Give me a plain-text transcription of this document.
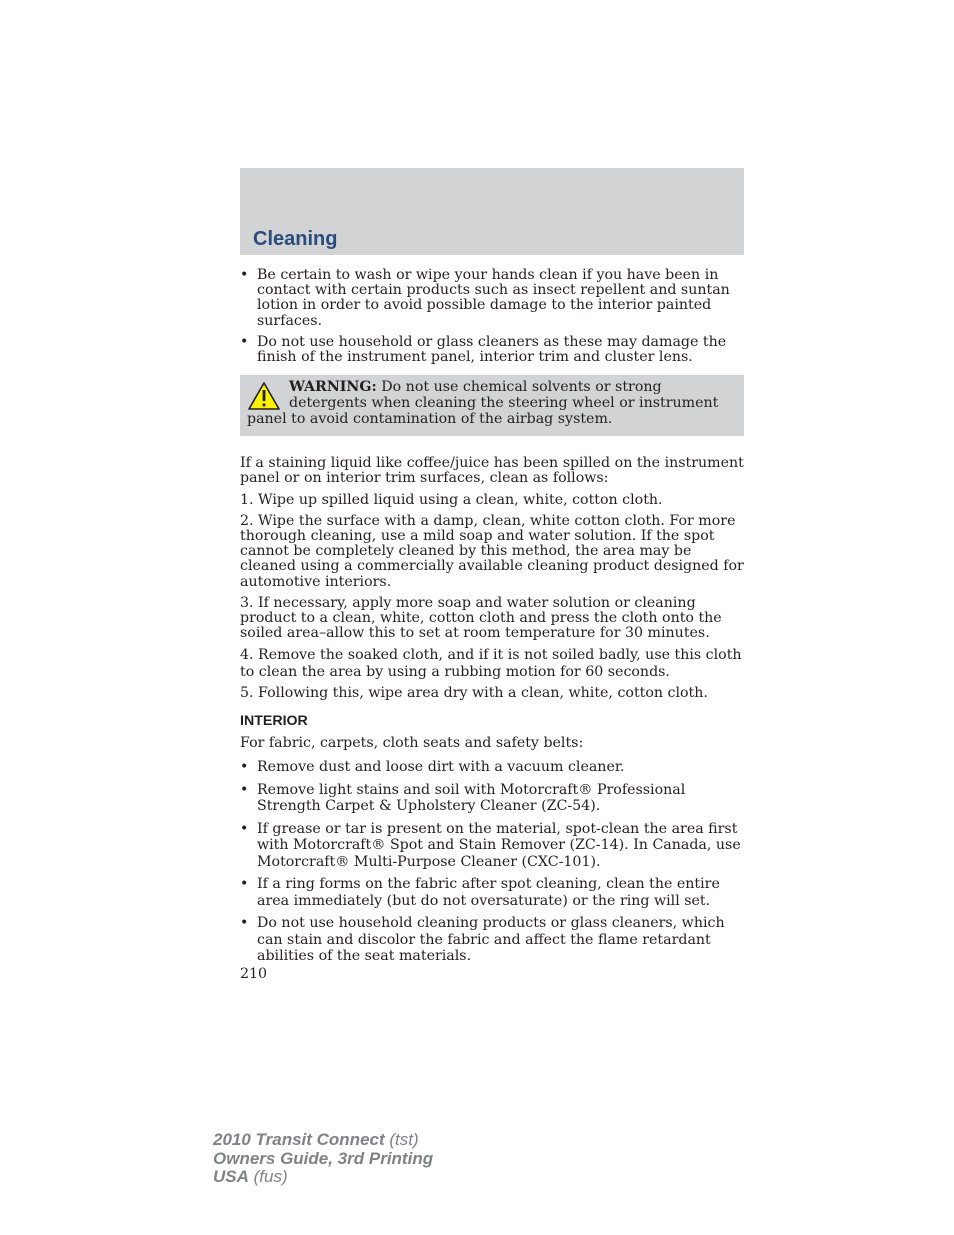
Cleaning
• Be certain to wash or wipe your hands clean if you have been in contact with certain products such as insect repellent and suntan lotion in order to avoid possible damage to the interior painted surfaces.
• Do not use household or glass cleaners as these may damage the finish of the instrument panel, interior trim and cluster lens.
WARNING: Do not use chemical solvents or strong detergents when cleaning the steering wheel or instrument panel to avoid contamination of the airbag system.

If a staining liquid like coffee/juice has been spilled on the instrument panel or on interior trim surfaces, clean as follows:

1. Wipe up spilled liquid using a clean, white, cotton cloth.

2. Wipe the surface with a damp, clean, white cotton cloth. For more thorough cleaning, use a mild soap and water solution. If the spot cannot be completely cleaned by this method, the area may be cleaned using a commercially available cleaning product designed for automotive interiors.

3. If necessary, apply more soap and water solution or cleaning product to a clean, white, cotton cloth and press the cloth onto the soiled area–allow this to set at room temperature for 30 minutes.

4. Remove the soaked cloth, and if it is not soiled badly, use this cloth to clean the area by using a rubbing motion for 60 seconds.

5. Following this, wipe area dry with a clean, white, cotton cloth.

INTERIOR

For fabric, carpets, cloth seats and safety belts:

• Remove dust and loose dirt with a vacuum cleaner.
• Remove light stains and soil with Motorcraft® Professional Strength Carpet & Upholstery Cleaner (ZC-54).
• If grease or tar is present on the material, spot-clean the area first with Motorcraft® Spot and Stain Remover (ZC-14). In Canada, use Motorcraft® Multi-Purpose Cleaner (CXC-101).
• If a ring forms on the fabric after spot cleaning, clean the entire area immediately (but do not oversaturate) or the ring will set.
• Do not use household cleaning products or glass cleaners, which can stain and discolor the fabric and affect the flame retardant abilities of the seat materials.
210
2010 Transit Connect (tst)
Owners Guide, 3rd Printing
USA (fus)
